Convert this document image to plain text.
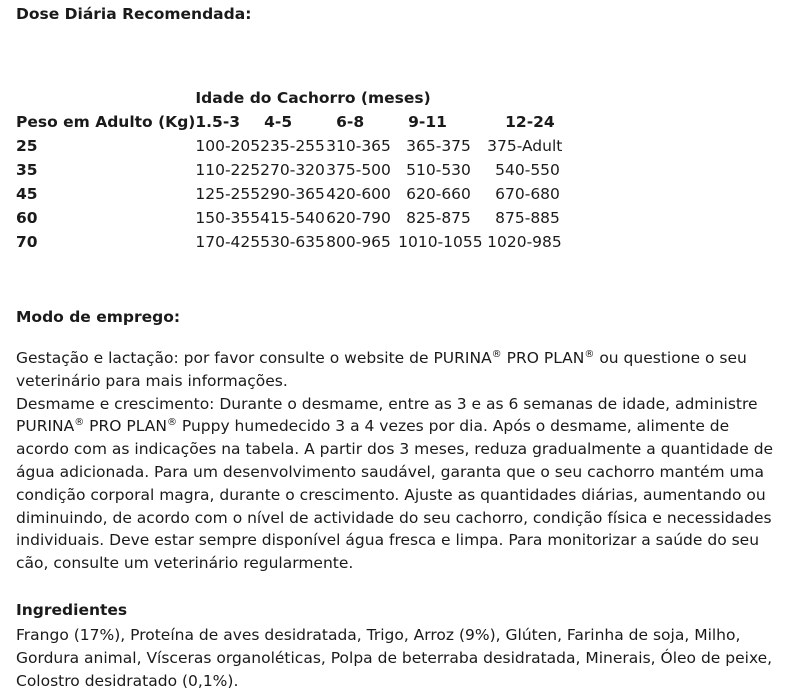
Dose Diária Recomendada:
	Idade do Cachorro (meses)				
Peso em Adulto (Kg)	1.5-3	4-5	6-8	9-11	12-24
25	100-205	235-255	310-365	365-375	375-Adult
35	110-225	270-320	375-500	510-530	540-550
45	125-255	290-365	420-600	620-660	670-680
60	150-355	415-540	620-790	825-875	875-885
70	170-425	530-635	800-965	1010-1055	1020-985
Modo de emprego:

Gestação e lactação: por favor consulte o website de PURINA® PRO PLAN® ou questione o seu veterinário para mais informações.

Desmame e crescimento: Durante o desmame, entre as 3 e as 6 semanas de idade, administre PURINA® PRO PLAN® Puppy humedecido 3 a 4 vezes por dia. Após o desmame, alimente de acordo com as indicações na tabela. A partir dos 3 meses, reduza gradualmente a quantidade de água adicionada. Para um desenvolvimento saudável, garanta que o seu cachorro mantém uma condição corporal magra, durante o crescimento. Ajuste as quantidades diárias, aumentando ou diminuindo, de acordo com o nível de actividade do seu cachorro, condição física e necessidades individuais. Deve estar sempre disponível água fresca e limpa. Para monitorizar a saúde do seu cão, consulte um veterinário regularmente.

Ingredientes

Frango (17%), Proteína de aves desidratada, Trigo, Arroz (9%), Glúten, Farinha de soja, Milho, Gordura animal, Vísceras organoléticas, Polpa de beterraba desidratada, Minerais, Óleo de peixe, Colostro desidratado (0,1%).
